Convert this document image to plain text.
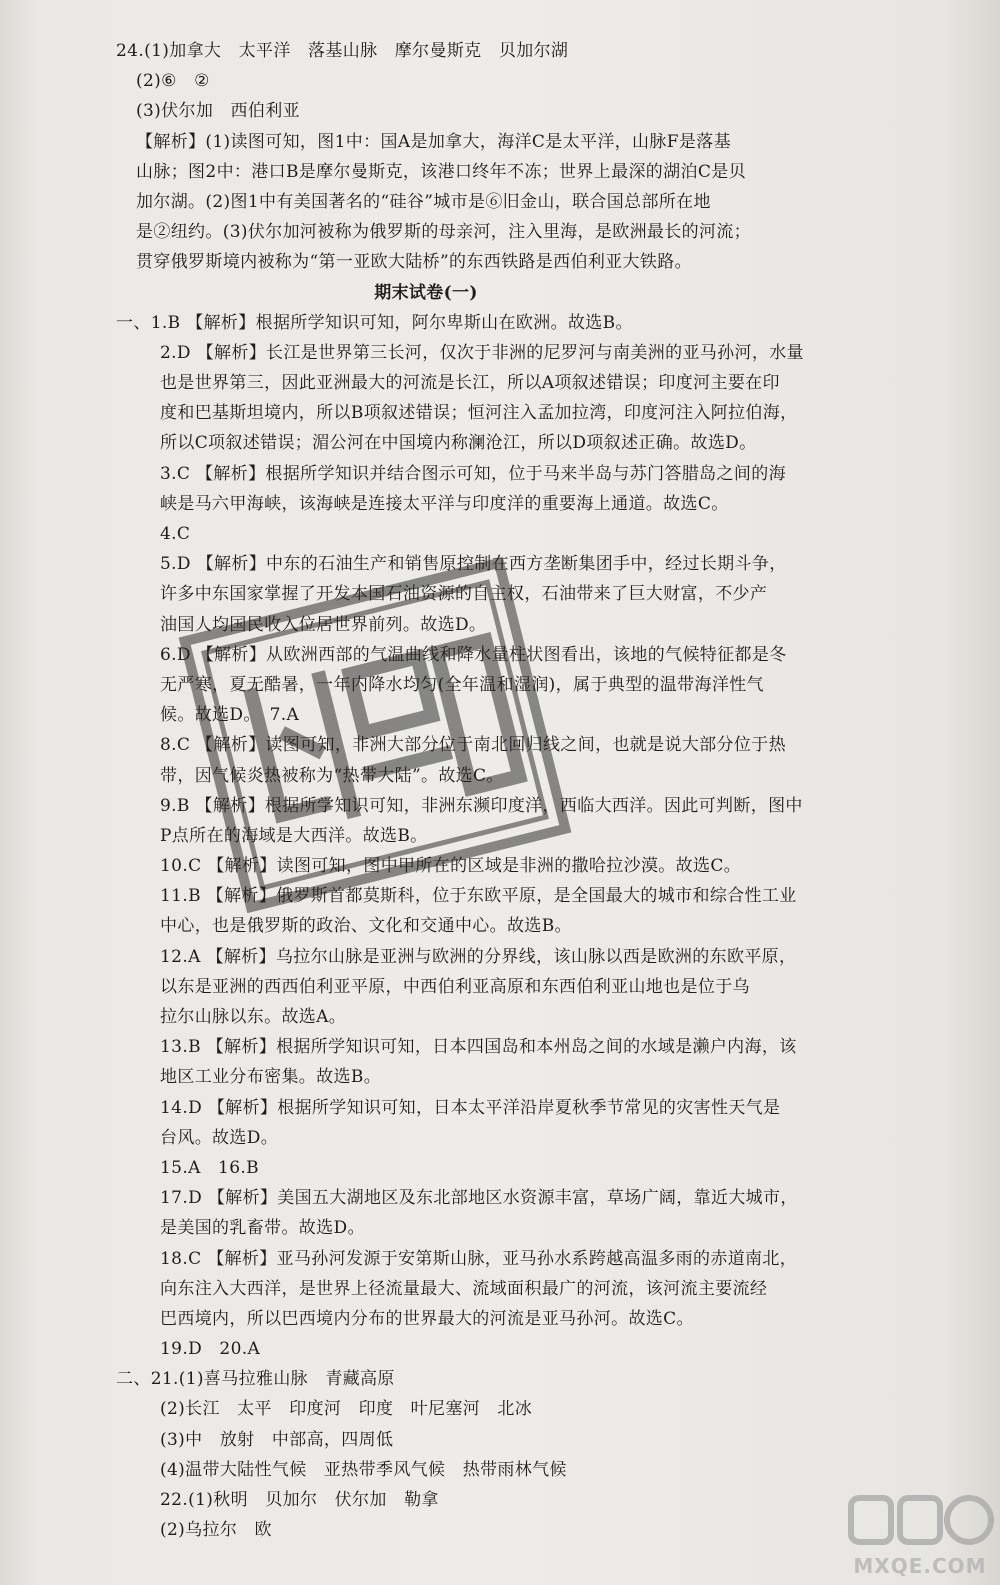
24.(1)加拿大　太平洋　落基山脉　摩尔曼斯克　贝加尔湖
(2)⑥　②
(3)伏尔加　西伯利亚
【解析】(1)读图可知，图1中：国A是加拿大，海洋C是太平洋，山脉F是落基
山脉；图2中：港口B是摩尔曼斯克，该港口终年不冻；世界上最深的湖泊C是贝
加尔湖。(2)图1中有美国著名的“硅谷”城市是⑥旧金山，联合国总部所在地
是②纽约。(3)伏尔加河被称为俄罗斯的母亲河，注入里海，是欧洲最长的河流；
贯穿俄罗斯境内被称为“第一亚欧大陆桥”的东西铁路是西伯利亚大铁路。
期末试卷(一)
一、1.B 【解析】根据所学知识可知，阿尔卑斯山在欧洲。故选B。
2.D 【解析】长江是世界第三长河，仅次于非洲的尼罗河与南美洲的亚马孙河，水量
也是世界第三，因此亚洲最大的河流是长江，所以A项叙述错误；印度河主要在印
度和巴基斯坦境内，所以B项叙述错误；恒河注入孟加拉湾，印度河注入阿拉伯海，
所以C项叙述错误；湄公河在中国境内称澜沧江，所以D项叙述正确。故选D。
3.C 【解析】根据所学知识并结合图示可知，位于马来半岛与苏门答腊岛之间的海
峡是马六甲海峡，该海峡是连接太平洋与印度洋的重要海上通道。故选C。
4.C
5.D 【解析】中东的石油生产和销售原控制在西方垄断集团手中，经过长期斗争，
许多中东国家掌握了开发本国石油资源的自主权，石油带来了巨大财富，不少产
油国人均国民收入位居世界前列。故选D。
6.D 【解析】从欧洲西部的气温曲线和降水量柱状图看出，该地的气候特征都是冬
无严寒，夏无酷暑，一年内降水均匀(全年温和湿润)，属于典型的温带海洋性气
候。故选D。　7.A
8.C 【解析】读图可知，非洲大部分位于南北回归线之间，也就是说大部分位于热
带，因气候炎热被称为“热带大陆”。故选C。
9.B 【解析】根据所学知识可知，非洲东濒印度洋，西临大西洋。因此可判断，图中
P点所在的海域是大西洋。故选B。
10.C 【解析】读图可知，图中甲所在的区域是非洲的撒哈拉沙漠。故选C。
11.B 【解析】俄罗斯首都莫斯科，位于东欧平原，是全国最大的城市和综合性工业
中心，也是俄罗斯的政治、文化和交通中心。故选B。
12.A 【解析】乌拉尔山脉是亚洲与欧洲的分界线，该山脉以西是欧洲的东欧平原，
以东是亚洲的西西伯利亚平原，中西伯利亚高原和东西伯利亚山地也是位于乌
拉尔山脉以东。故选A。
13.B 【解析】根据所学知识可知，日本四国岛和本州岛之间的水域是濑户内海，该
地区工业分布密集。故选B。
14.D 【解析】根据所学知识可知，日本太平洋沿岸夏秋季节常见的灾害性天气是
台风。故选D。
15.A　16.B
17.D 【解析】美国五大湖地区及东北部地区水资源丰富，草场广阔，靠近大城市，
是美国的乳畜带。故选D。
18.C 【解析】亚马孙河发源于安第斯山脉，亚马孙水系跨越高温多雨的赤道南北，
向东注入大西洋，是世界上径流量最大、流域面积最广的河流，该河流主要流经
巴西境内，所以巴西境内分布的世界最大的河流是亚马孙河。故选C。
19.D　20.A
二、21.(1)喜马拉雅山脉　青藏高原
(2)长江　太平　印度河　印度　叶尼塞河　北冰
(3)中　放射　中部高，四周低
(4)温带大陆性气候　亚热带季风气候　热带雨林气候
22.(1)秋明　贝加尔　伏尔加　勒拿
(2)乌拉尔　欧
MXQE.COM
